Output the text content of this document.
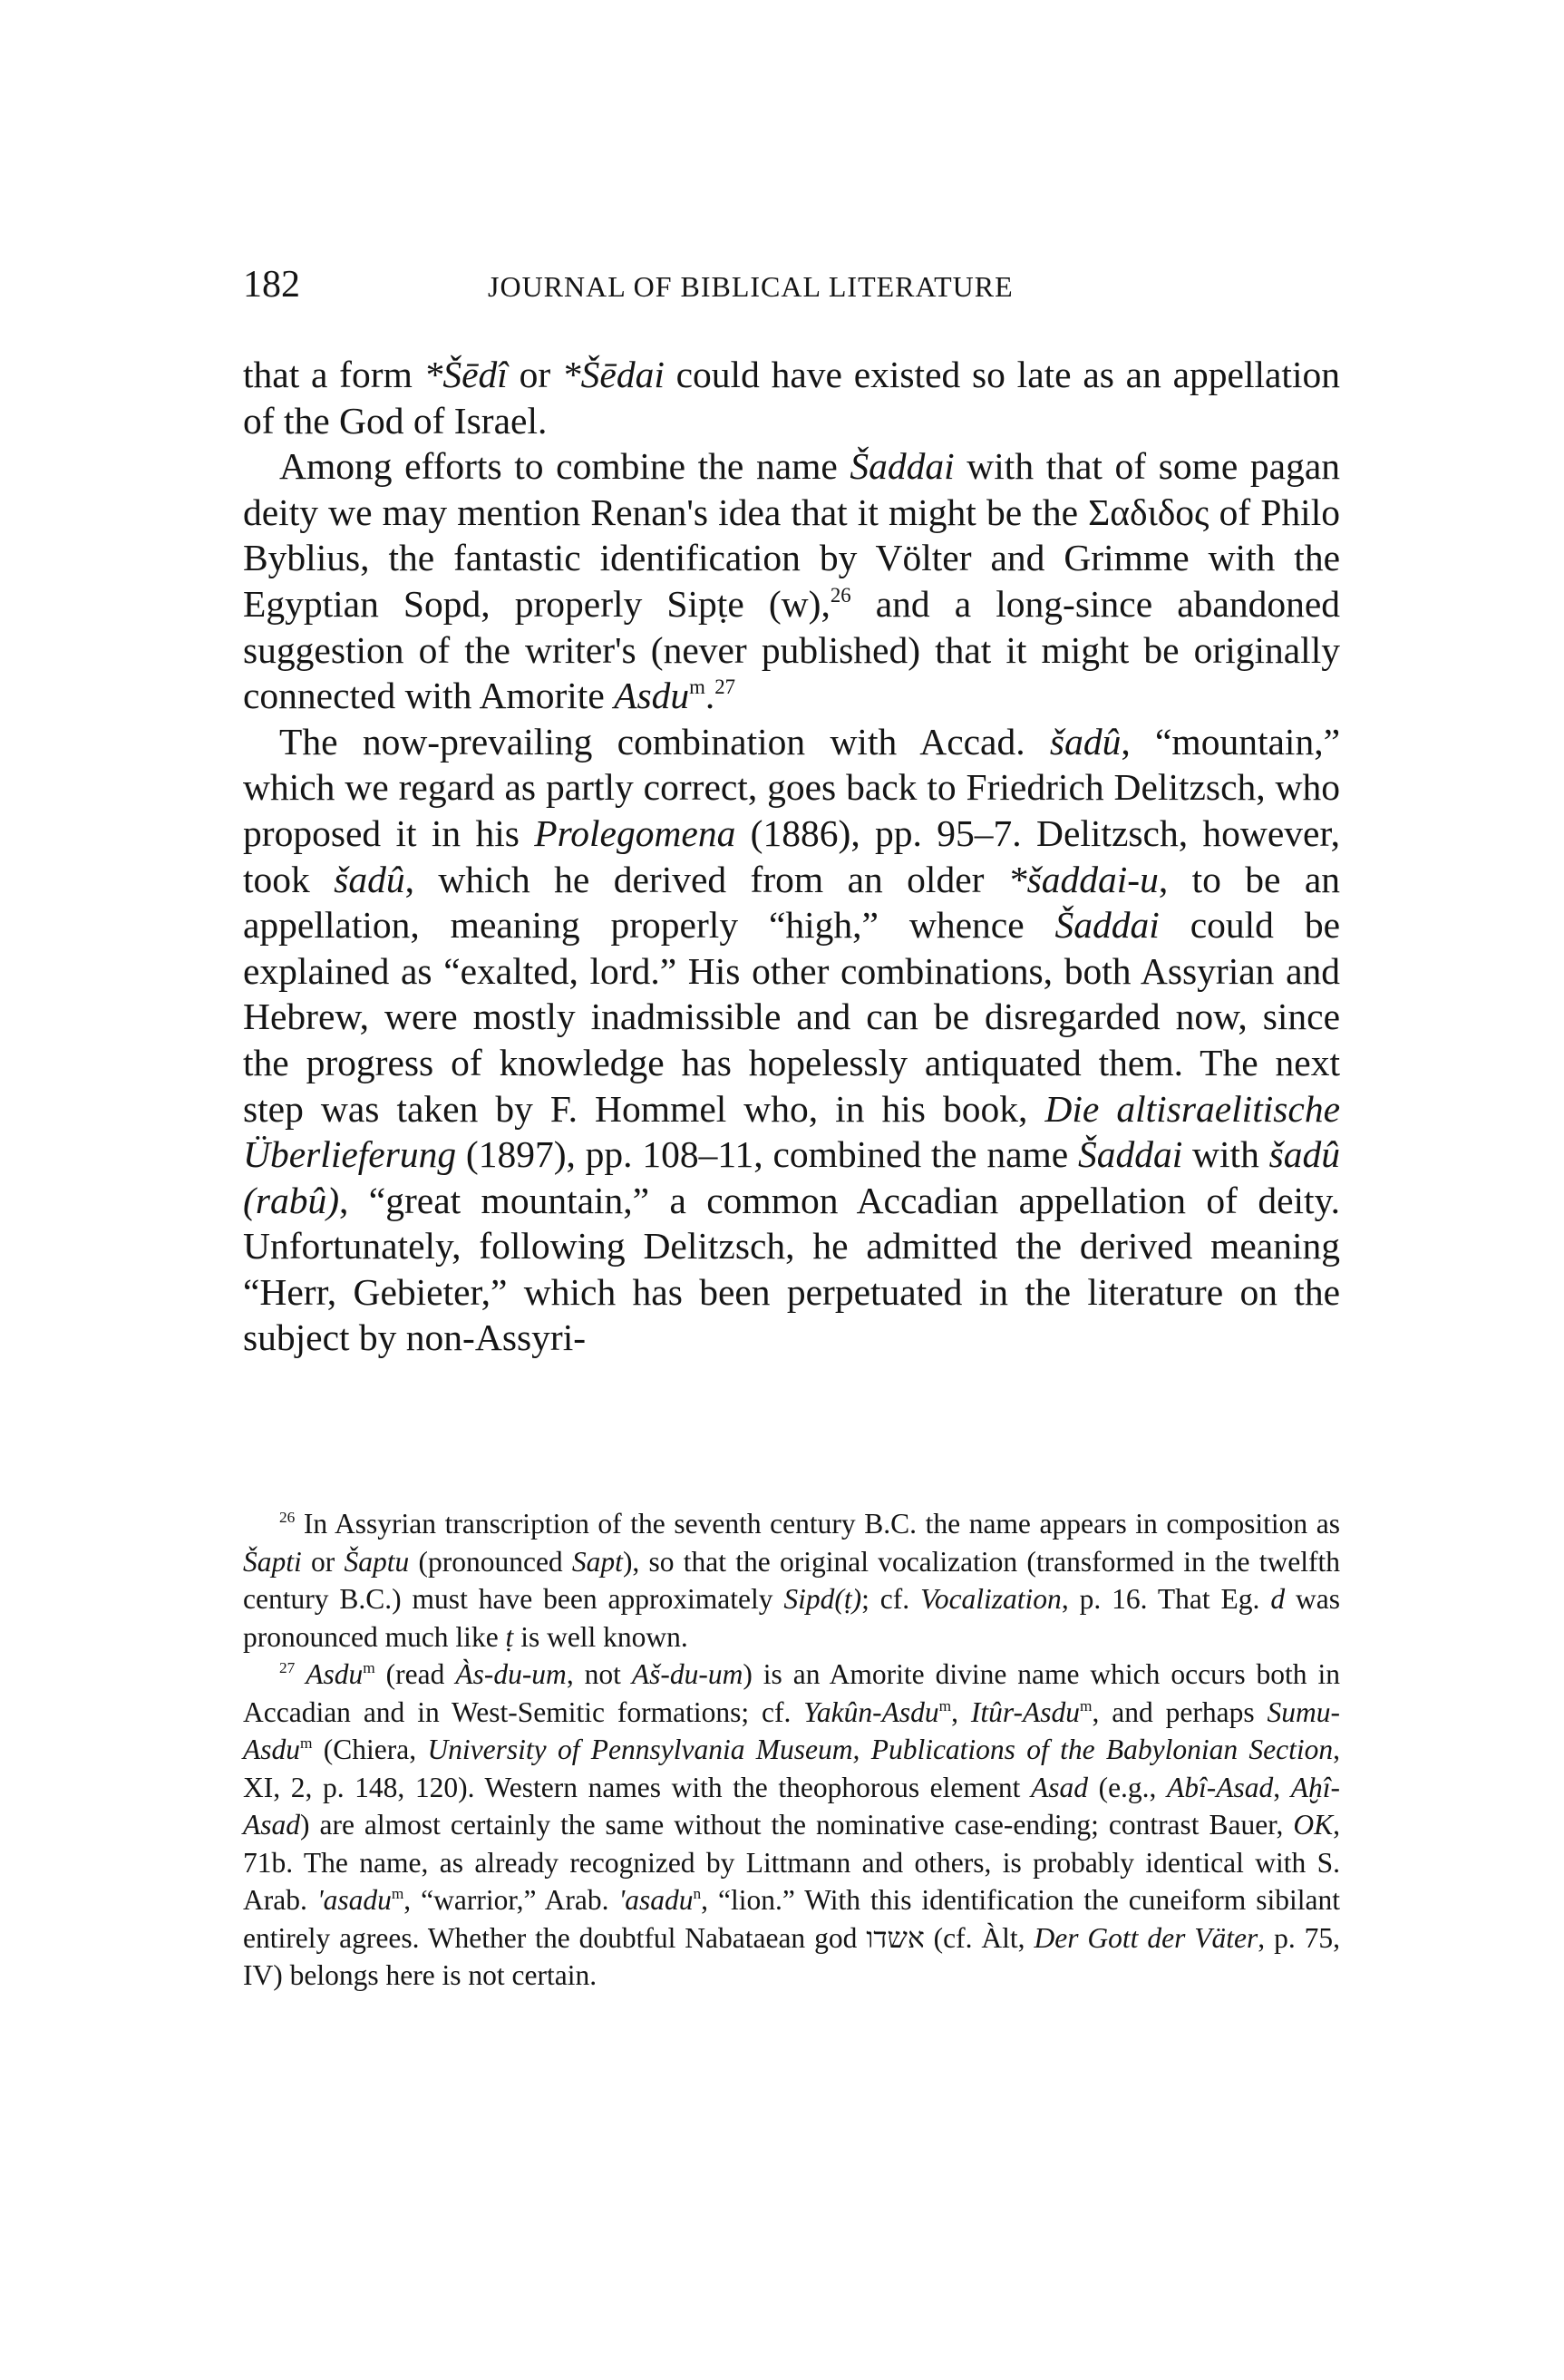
182	JOURNAL OF BIBLICAL LITERATURE

that a form *Šēdî or *Šēdai could have existed so late as an appellation of the God of Israel.

Among efforts to combine the name Šaddai with that of some pagan deity we may mention Renan's idea that it might be the Σαδιδος of Philo Byblius, the fantastic identification by Völter and Grimme with the Egyptian Sopd, properly Sipṭe (w),$^{26}$ and a long-since abandoned suggestion of the writer's (never published) that it might be originally connected with Amorite Asdu$^m$.$^{27}$

The now-prevailing combination with Accad. šadû, “mountain,” which we regard as partly correct, goes back to Friedrich Delitzsch, who proposed it in his Prolegomena (1886), pp. 95–7. Delitzsch, however, took šadû, which he derived from an older *šaddai-u, to be an appellation, meaning properly “high,” whence Šaddai could be explained as “exalted, lord.” His other combinations, both Assyrian and Hebrew, were mostly inadmissible and can be disregarded now, since the progress of knowledge has hopelessly antiquated them. The next step was taken by F. Hommel who, in his book, Die altisraelitische Überlieferung (1897), pp. 108–11, combined the name Šaddai with šadû (rabû), “great mountain,” a common Accadian appellation of deity. Unfortunately, following Delitzsch, he admitted the derived meaning “Herr, Gebieter,” which has been perpetuated in the literature on the subject by non-Assyri-

$^{26}$ In Assyrian transcription of the seventh century B.C. the name appears in composition as Šapti or Šaptu (pronounced Sapt), so that the original vocalization (transformed in the twelfth century B.C.) must have been approximately Sipd(ṭ); cf. Vocalization, p. 16. That Eg. d was pronounced much like ṭ is well known.

$^{27}$ Asdu$^m$ (read Às-du-um, not Aš-du-um) is an Amorite divine name which occurs both in Accadian and in West-Semitic formations; cf. Yakûn-Asdu$^m$, Itûr-Asdu$^m$, and perhaps Sumu-Asdu$^m$ (Chiera, University of Pennsylvania Museum, Publications of the Babylonian Section, XI, 2, p. 148, 120). Western names with the theophorous element Asad (e.g., Abî-Asad, Aḫî-Asad) are almost certainly the same without the nominative case-ending; contrast Bauer, OK, 71b. The name, as already recognized by Littmann and others, is probably identical with S. Arab. 'asadu$^m$, “warrior,” Arab. 'asadu$^n$, “lion.” With this identification the cuneiform sibilant entirely agrees. Whether the doubtful Nabataean god אשדו (cf. Àlt, Der Gott der Väter, p. 75, IV) belongs here is not certain.
